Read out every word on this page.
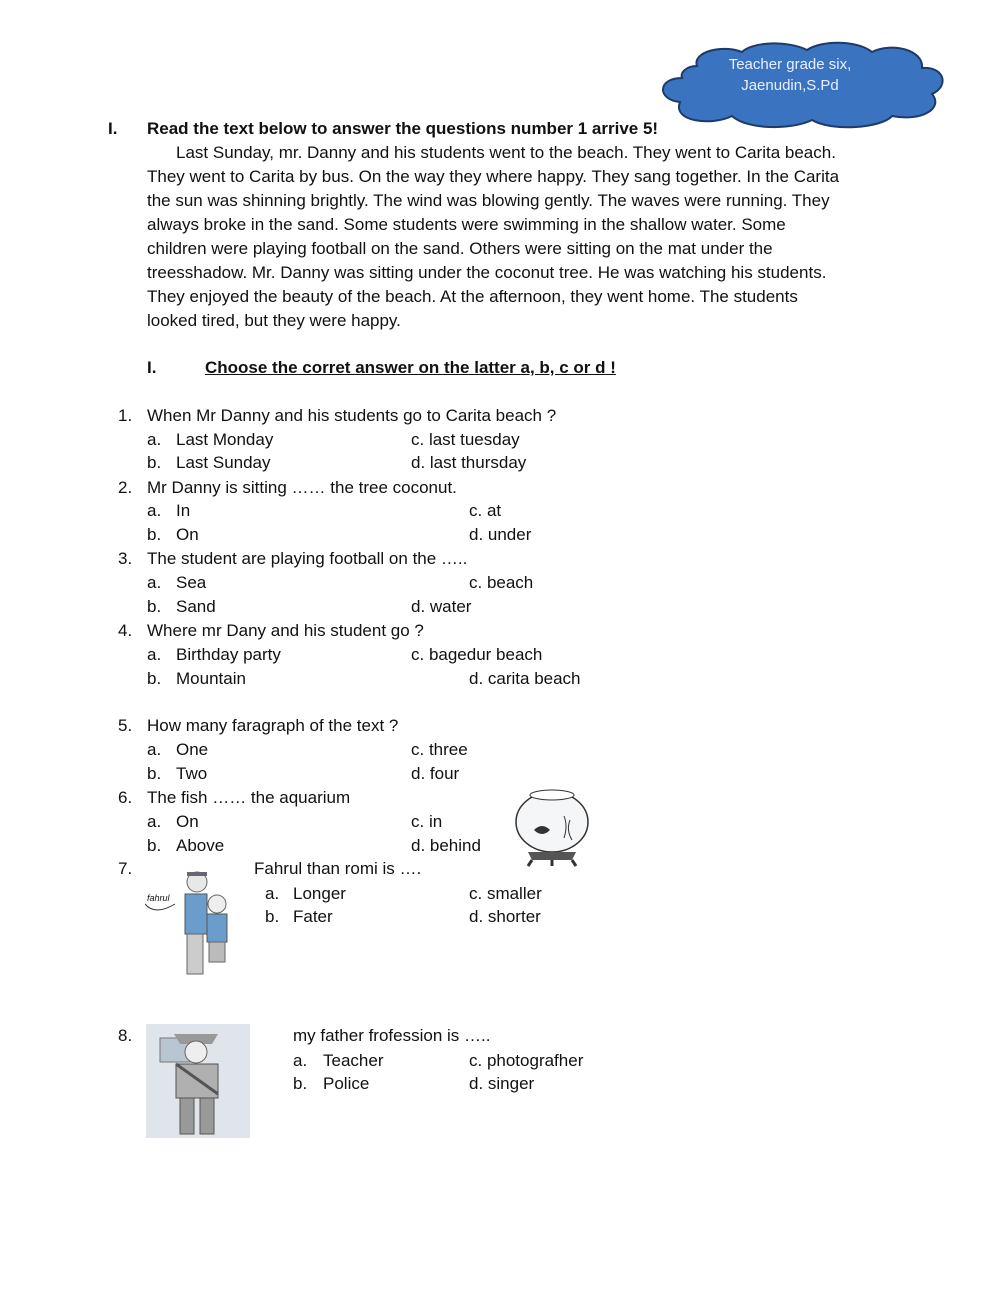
Teacher grade six,
Jaenudin,S.Pd
I. Read the text below to answer the questions number 1 arrive 5!
Last Sunday, mr. Danny and his students went to the beach. They went to Carita beach.
They went to Carita by bus. On the way they where happy. They sang together. In the Carita
the sun was shinning brightly. The wind was blowing gently. The waves were running. They
always broke in the sand. Some students were swimming in the shallow water. Some
children were playing football on the sand. Others were sitting on the mat under the
treesshadow. Mr. Danny was sitting under the coconut tree. He was watching his students.
They enjoyed the beauty of the beach. At the afternoon, they went home. The students
looked tired, but they were happy.
I.	Choose the corret answer on the latter a, b, c or d !
1. When Mr Danny and his students go to Carita beach ?
a. Last Monday	c. last tuesday
b. Last Sunday	d. last thursday
2. Mr Danny is sitting …… the tree coconut.
a. In	c. at
b. On	d. under
3. The student are playing football on the …..
a. Sea	c. beach
b. Sand	d. water
4. Where mr Dany and his student go ?
a. Birthday party	c. bagedur beach
b. Mountain	d. carita beach
5. How many faragraph of the text ?
a. One	c. three
b. Two	d. four
6. The fish …… the aquarium
a. On	c. in
b. Above	d. behind
7.	Fahrul than romi is ….
a. Longer	c. smaller
b. Fater	d. shorter
fahrul
8.	my father frofession is …..
a. Teacher	c. photografher
b. Police	d. singer
